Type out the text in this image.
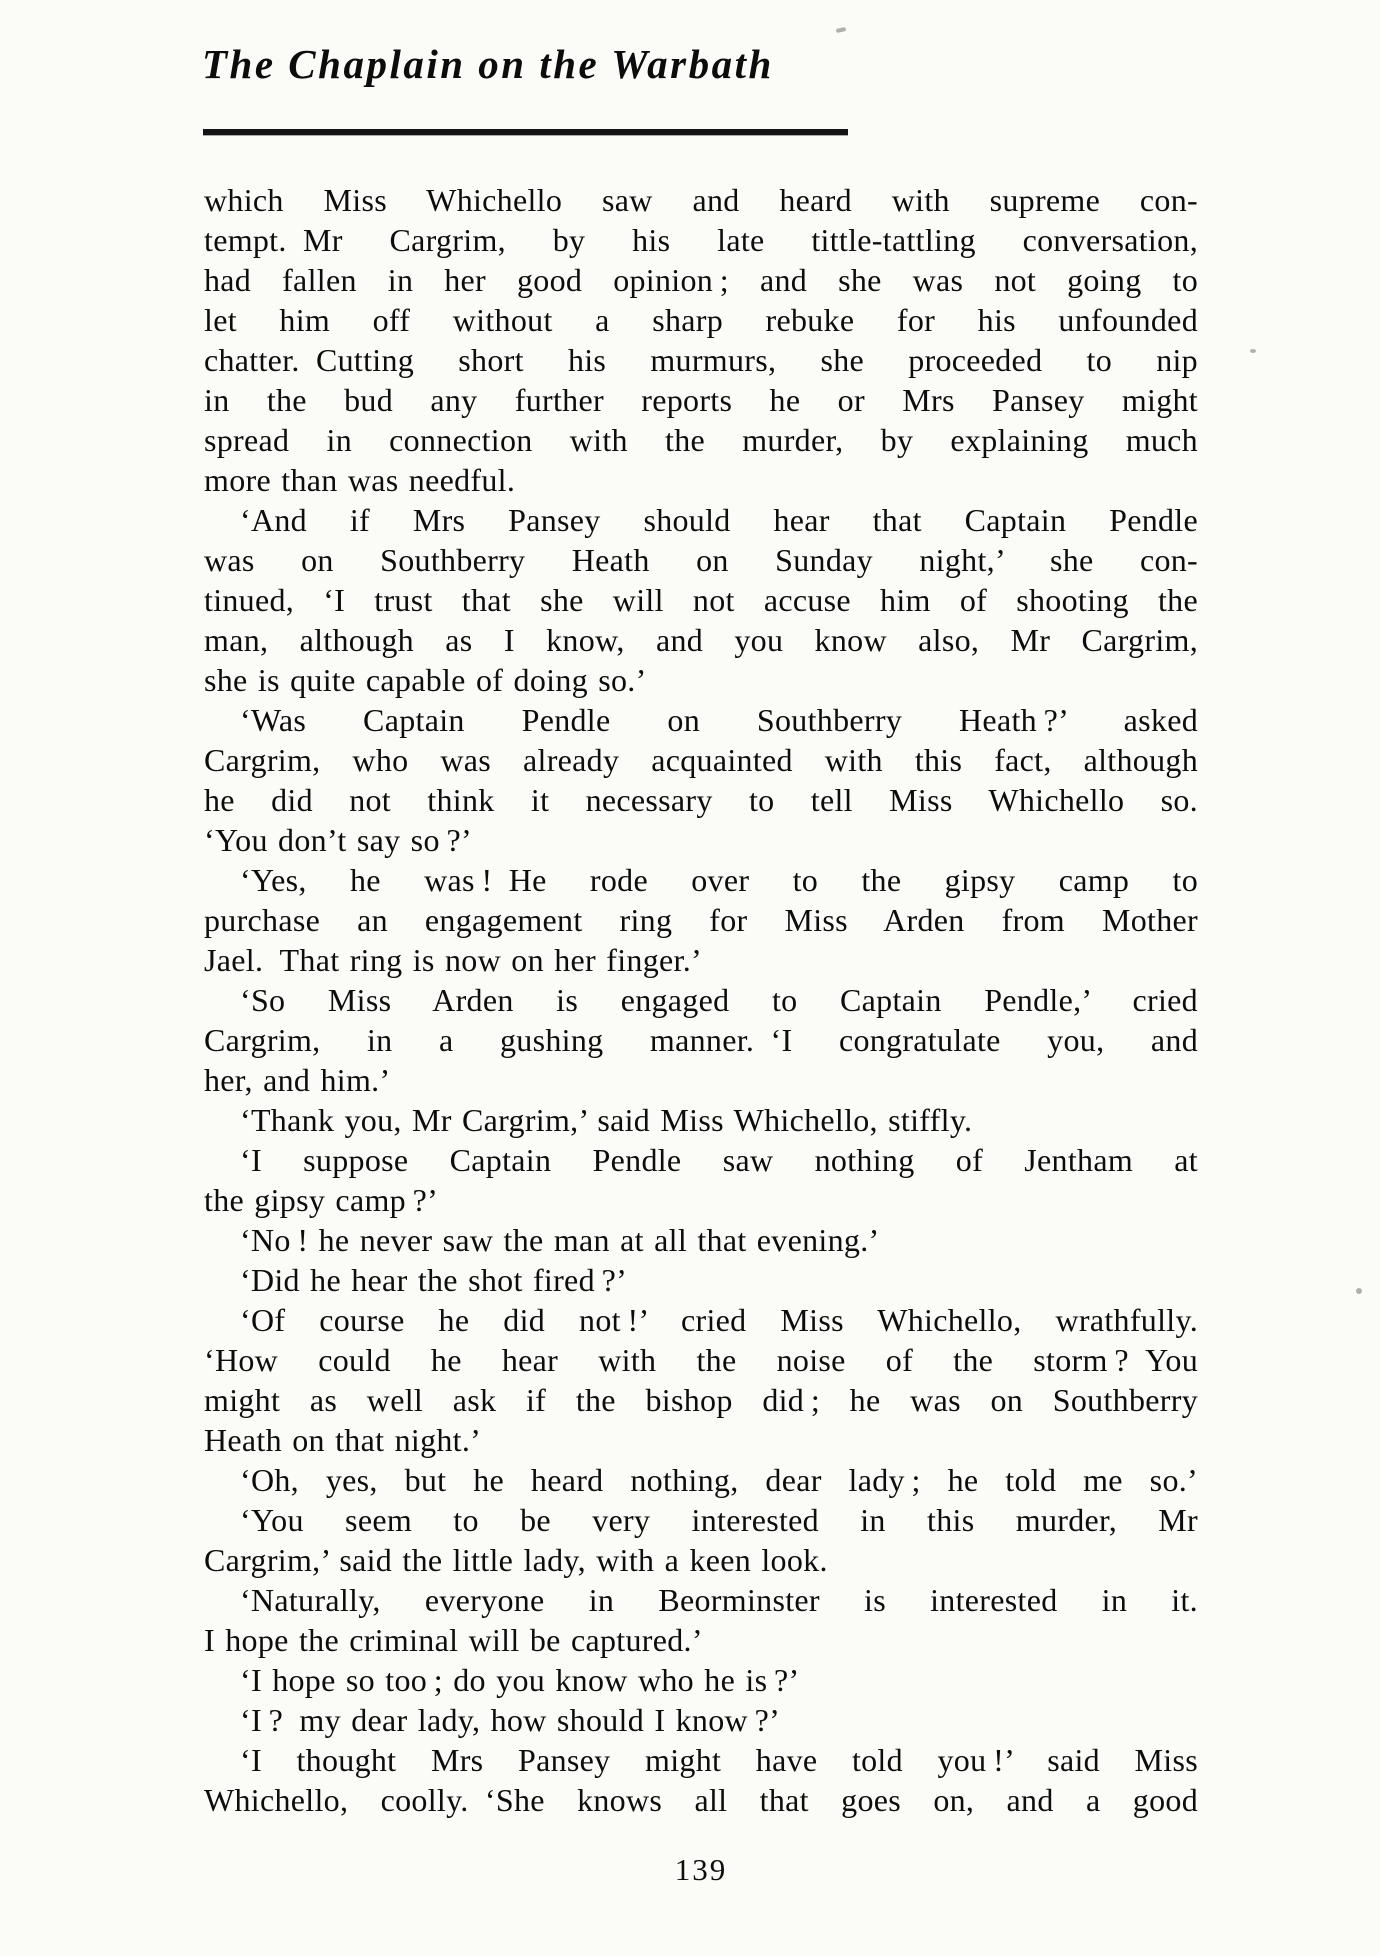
The Chaplain on the Warbath
which Miss Whichello saw and heard with supreme con-
tempt. Mr Cargrim, by his late tittle-tattling conversation,
had fallen in her good opinion ; and she was not going to
let him off without a sharp rebuke for his unfounded
chatter. Cutting short his murmurs, she proceeded to nip
in the bud any further reports he or Mrs Pansey might
spread in connection with the murder, by explaining much
more than was needful.
‘And if Mrs Pansey should hear that Captain Pendle
was on Southberry Heath on Sunday night,’ she con-
tinued, ‘I trust that she will not accuse him of shooting the
man, although as I know, and you know also, Mr Cargrim,
she is quite capable of doing so.’
‘Was Captain Pendle on Southberry Heath ?’ asked
Cargrim, who was already acquainted with this fact, although
he did not think it necessary to tell Miss Whichello so.
‘You don’t say so ?’
‘Yes, he was ! He rode over to the gipsy camp to
purchase an engagement ring for Miss Arden from Mother
Jael. That ring is now on her finger.’
‘So Miss Arden is engaged to Captain Pendle,’ cried
Cargrim, in a gushing manner. ‘I congratulate you, and
her, and him.’
‘Thank you, Mr Cargrim,’ said Miss Whichello, stiffly.
‘I suppose Captain Pendle saw nothing of Jentham at
the gipsy camp ?’
‘No ! he never saw the man at all that evening.’
‘Did he hear the shot fired ?’
‘Of course he did not !’ cried Miss Whichello, wrathfully.
‘How could he hear with the noise of the storm ? You
might as well ask if the bishop did ; he was on Southberry
Heath on that night.’
‘Oh, yes, but he heard nothing, dear lady ; he told me so.’
‘You seem to be very interested in this murder, Mr
Cargrim,’ said the little lady, with a keen look.
‘Naturally, everyone in Beorminster is interested in it.
I hope the criminal will be captured.’
‘I hope so too ; do you know who he is ?’
‘I ? my dear lady, how should I know ?’
‘I thought Mrs Pansey might have told you !’ said Miss
Whichello, coolly. ‘She knows all that goes on, and a good
139
